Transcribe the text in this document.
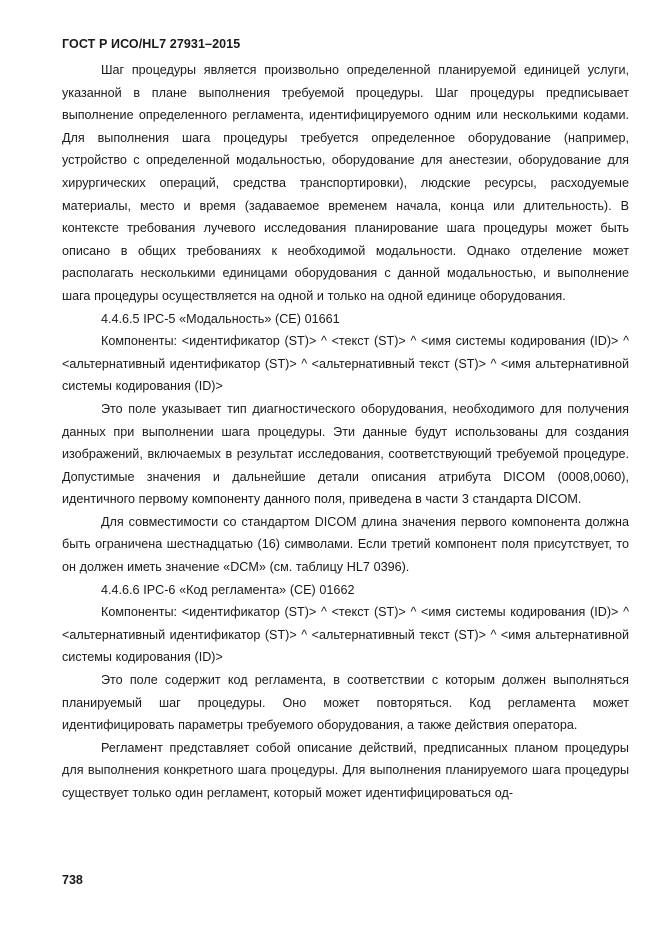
ГОСТ Р ИСО/HL7 27931–2015

Шаг процедуры является произвольно определенной планируемой единицей услуги, указанной в плане выполнения требуемой процедуры. Шаг процедуры предписывает выполнение определенного регламента, идентифицируемого одним или несколькими кодами. Для выполнения шага процедуры требуется определенное оборудование (например, устройство с определенной модальностью, оборудование для анестезии, оборудование для хирургических операций, средства транспортировки), людские ресурсы, расходуемые материалы, место и время (задаваемое временем начала, конца или длительность). В контексте требования лучевого исследования планирование шага процедуры может быть описано в общих требованиях к необходимой модальности. Однако отделение может располагать несколькими единицами оборудования с данной модальностью, и выполнение шага процедуры осуществляется на одной и только на одной единице оборудования.

4.4.6.5 IPC-5 «Модальность» (CE) 01661

Компоненты: <идентификатор (ST)> ^ <текст (ST)> ^ <имя системы кодирования (ID)> ^ <альтернативный идентификатор (ST)> ^ <альтернативный текст (ST)> ^ <имя альтернативной системы кодирования (ID)>

Это поле указывает тип диагностического оборудования, необходимого для получения данных при выполнении шага процедуры. Эти данные будут использованы для создания изображений, включаемых в результат исследования, соответствующий требуемой процедуре. Допустимые значения и дальнейшие детали описания атрибута DICOM (0008,0060), идентичного первому компоненту данного поля, приведена в части 3 стандарта DICOM.

Для совместимости со стандартом DICOM длина значения первого компонента должна быть ограничена шестнадцатью (16) символами. Если третий компонент поля присутствует, то он должен иметь значение «DCM» (см. таблицу HL7 0396).

4.4.6.6 IPC-6 «Код регламента» (CE) 01662

Компоненты: <идентификатор (ST)> ^ <текст (ST)> ^ <имя системы кодирования (ID)> ^ <альтернативный идентификатор (ST)> ^ <альтернативный текст (ST)> ^ <имя альтернативной системы кодирования (ID)>

Это поле содержит код регламента, в соответствии с которым должен выполняться планируемый шаг процедуры. Оно может повторяться. Код регламента может идентифицировать параметры требуемого оборудования, а также действия оператора.

Регламент представляет собой описание действий, предписанных планом процедуры для выполнения конкретного шага процедуры. Для выполнения планируемого шага процедуры существует только один регламент, который может идентифицироваться од-

738
